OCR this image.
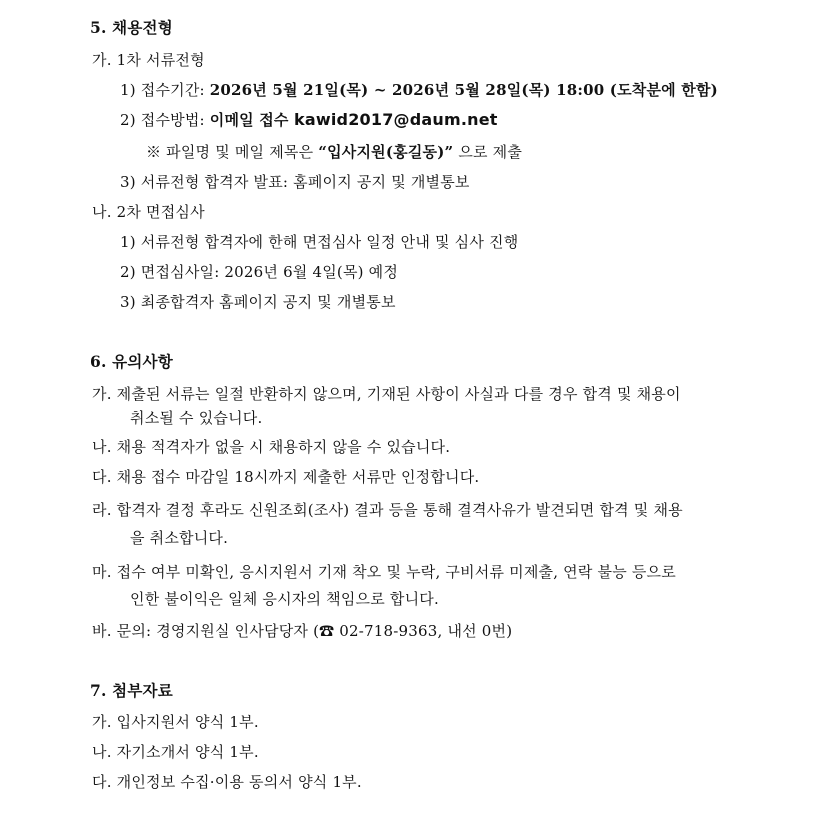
5. 채용전형
가. 1차 서류전형
1) 접수기간: 2026년 5월 21일(목) ~ 2026년 5월 28일(목) 18:00 (도착분에 한함)
2) 접수방법: 이메일 접수 kawid2017@daum.net
※ 파일명 및 메일 제목은 “입사지원(홍길동)” 으로 제출
3) 서류전형 합격자 발표: 홈페이지 공지 및 개별통보
나. 2차 면접심사
1) 서류전형 합격자에 한해 면접심사 일정 안내 및 심사 진행
2) 면접심사일: 2026년 6월 4일(목) 예정
3) 최종합격자 홈페이지 공지 및 개별통보
6. 유의사항
가. 제출된 서류는 일절 반환하지 않으며, 기재된 사항이 사실과 다를 경우 합격 및 채용이
취소될 수 있습니다.
나. 채용 적격자가 없을 시 채용하지 않을 수 있습니다.
다. 채용 접수 마감일 18시까지 제출한 서류만 인정합니다.
라. 합격자 결정 후라도 신원조회(조사) 결과 등을 통해 결격사유가 발견되면 합격 및 채용
을 취소합니다.
마. 접수 여부 미확인, 응시지원서 기재 착오 및 누락, 구비서류 미제출, 연락 불능 등으로
인한 불이익은 일체 응시자의 책임으로 합니다.
바. 문의: 경영지원실 인사담당자 (☎ 02-718-9363, 내선 0번)
7. 첨부자료
가. 입사지원서 양식 1부.
나. 자기소개서 양식 1부.
다. 개인정보 수집·이용 동의서 양식 1부.
